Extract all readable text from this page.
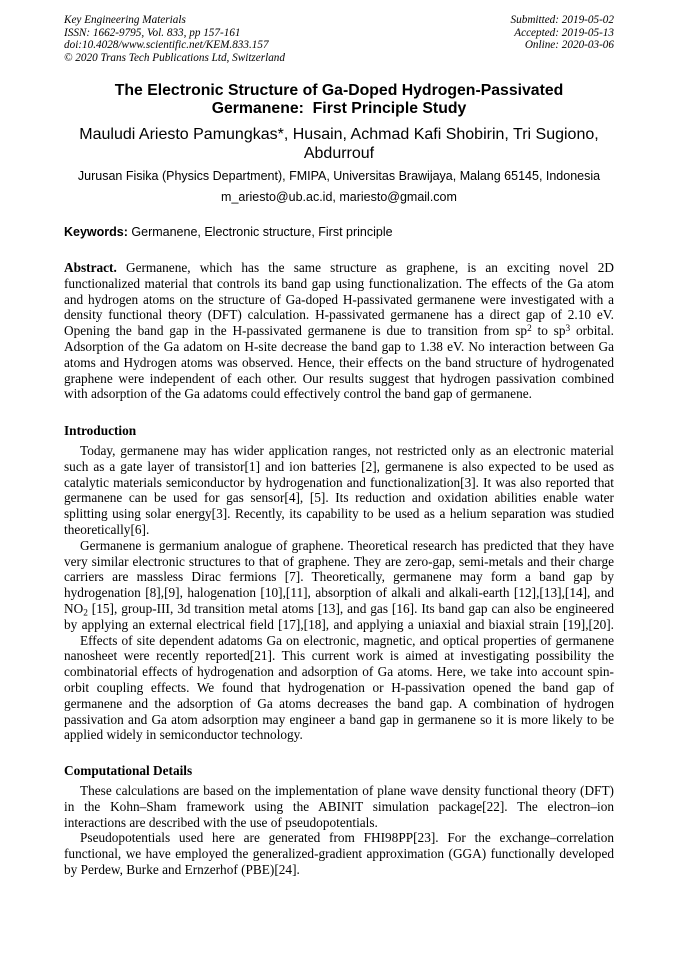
Key Engineering Materials
ISSN: 1662-9795, Vol. 833, pp 157-161
doi:10.4028/www.scientific.net/KEM.833.157
© 2020 Trans Tech Publications Ltd, Switzerland
Submitted: 2019-05-02
Accepted: 2019-05-13
Online: 2020-03-06
The Electronic Structure of Ga-Doped Hydrogen-Passivated
Germanene:  First Principle Study
Mauludi Ariesto Pamungkas*, Husain, Achmad Kafi Shobirin, Tri Sugiono,
Abdurrouf
Jurusan Fisika (Physics Department), FMIPA, Universitas Brawijaya, Malang 65145, Indonesia
m_ariesto@ub.ac.id, mariesto@gmail.com
Keywords: Germanene, Electronic structure, First principle
Abstract. Germanene, which has the same structure as graphene, is an exciting novel 2D
functionalized material that controls its band gap using functionalization. The effects of the Ga atom
and hydrogen atoms on the structure of Ga-doped H-passivated germanene were investigated with a
density functional theory (DFT) calculation. H-passivated germanene has a direct gap of 2.10 eV.
Opening the band gap in the H-passivated germanene is due to transition from $sp^2$ to $sp^3$ orbital.
Adsorption of the Ga adatom on H-site decrease the band gap to 1.38 eV. No interaction between Ga
atoms and Hydrogen atoms was observed. Hence, their effects on the band structure of hydrogenated
graphene were independent of each other. Our results suggest that hydrogen passivation combined
with adsorption of the Ga adatoms could effectively control the band gap of germanene.
Introduction
Today, germanene may has wider application ranges, not restricted only as an electronic material
such as a gate layer of transistor[1] and ion batteries [2], germanene is also expected to be used as
catalytic materials semiconductor by hydrogenation and functionalization[3]. It was also reported that
germanene can be used for gas sensor[4], [5]. Its reduction and oxidation abilities enable water
splitting using solar energy[3]. Recently, its capability to be used as a helium separation was studied
theoretically[6].
Germanene is germanium analogue of graphene. Theoretical research has predicted that they have
very similar electronic structures to that of graphene. They are zero-gap, semi-metals and their charge
carriers are massless Dirac fermions [7]. Theoretically, germanene may form a band gap by
hydrogenation [8],[9], halogenation [10],[11], absorption of alkali and alkali-earth [12],[13],[14], and
$NO_2$ [15], group-III, 3d transition metal atoms [13], and gas [16]. Its band gap can also be engineered
by applying an external electrical field [17],[18], and applying a uniaxial and biaxial strain [19],[20].
Effects of site dependent adatoms Ga on electronic, magnetic, and optical properties of germanene
nanosheet were recently reported[21]. This current work is aimed at investigating possibility the
combinatorial effects of hydrogenation and adsorption of Ga atoms. Here, we take into account spin-
orbit coupling effects. We found that hydrogenation or H-passivation opened the band gap of
germanene and the adsorption of Ga atoms decreases the band gap. A combination of hydrogen
passivation and Ga atom adsorption may engineer a band gap in germanene so it is more likely to be
applied widely in semiconductor technology.
Computational Details
These calculations are based on the implementation of plane wave density functional theory (DFT)
in the Kohn–Sham framework using the ABINIT simulation package[22]. The electron–ion
interactions are described with the use of pseudopotentials.
Pseudopotentials used here are generated from FHI98PP[23]. For the exchange–correlation
functional, we have employed the generalized-gradient approximation (GGA) functionally developed
by Perdew, Burke and Ernzerhof (PBE)[24].
